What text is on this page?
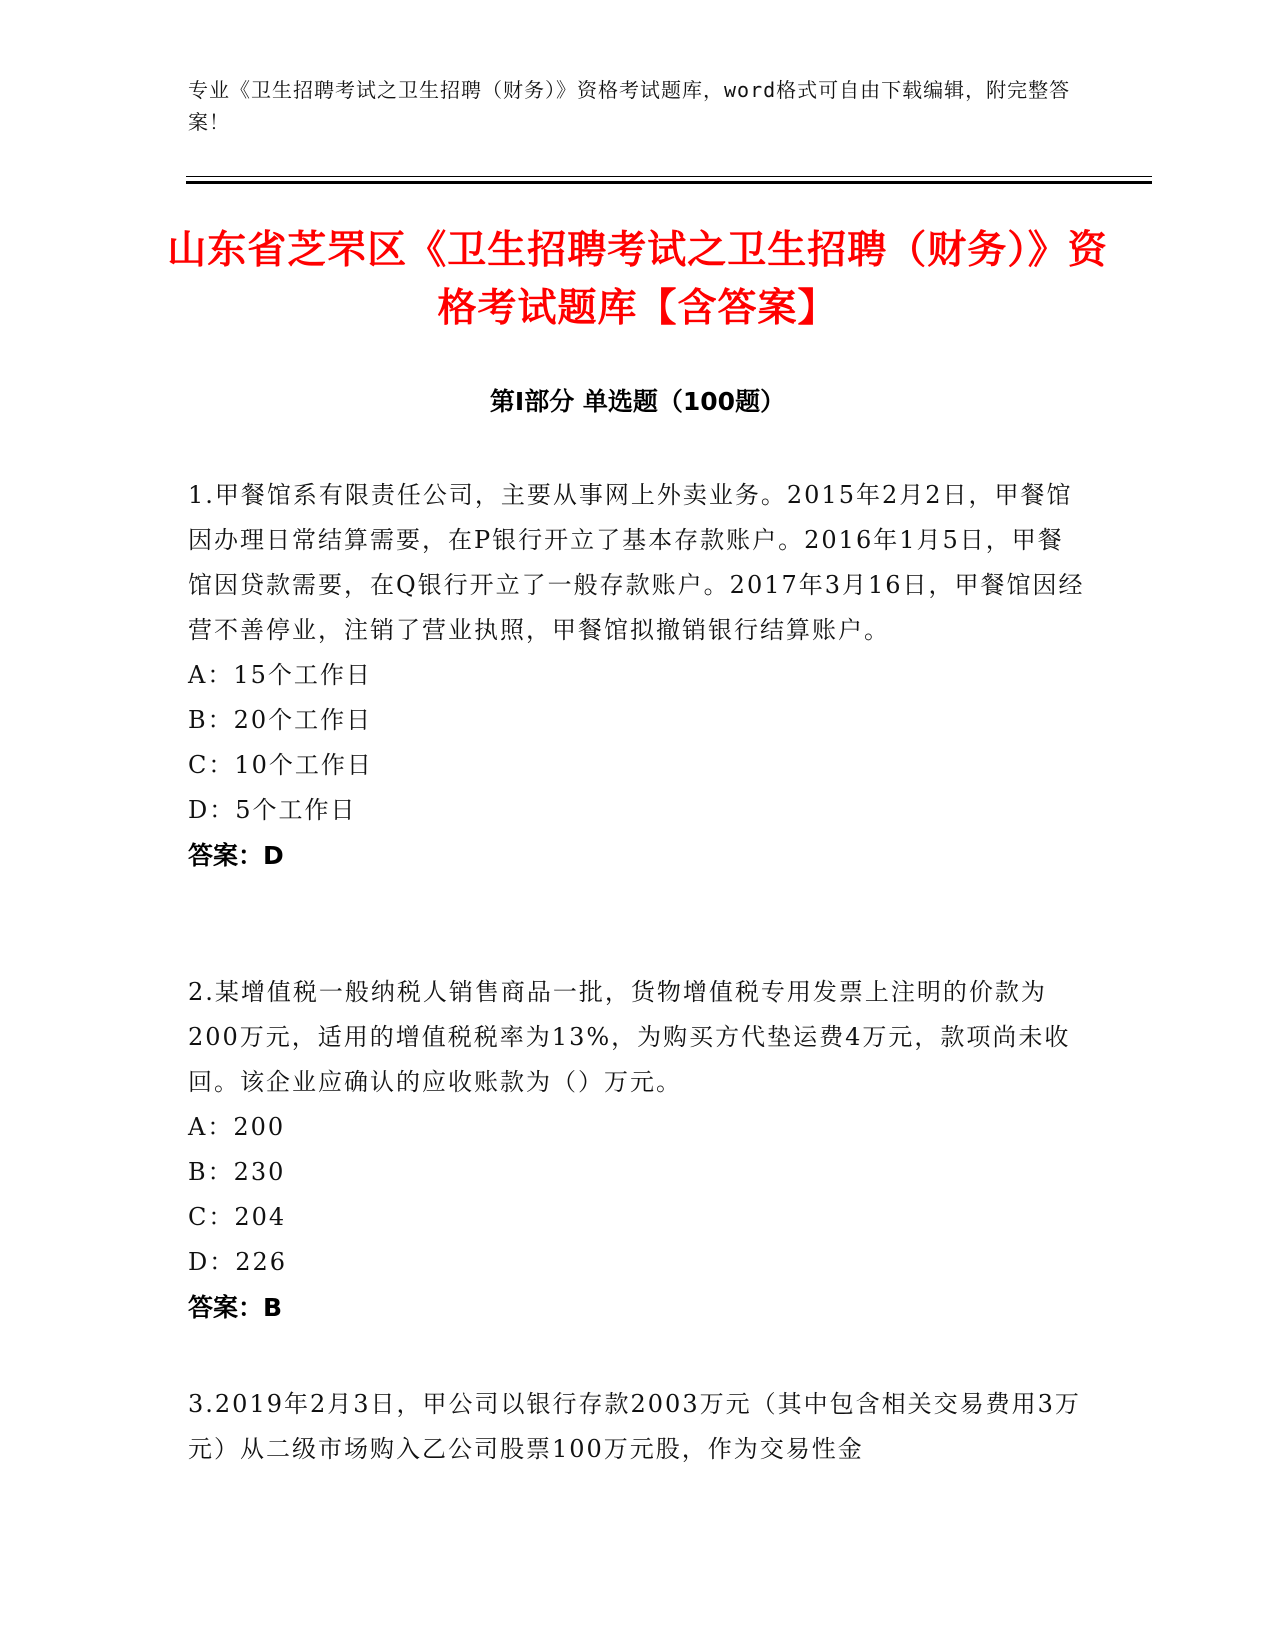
专业《卫生招聘考试之卫生招聘（财务）》资格考试题库，word格式可自由下载编辑，附完整答案！
山东省芝罘区《卫生招聘考试之卫生招聘（财务）》资格考试题库【含答案】
第I部分 单选题（100题）

1.甲餐馆系有限责任公司，主要从事网上外卖业务。2015年2月2日，甲餐馆因办理日常结算需要，在P银行开立了基本存款账户。2016年1月5日，甲餐馆因贷款需要，在Q银行开立了一般存款账户。2017年3月16日，甲餐馆因经营不善停业，注销了营业执照，甲餐馆拟撤销银行结算账户。

A：15个工作日
B：20个工作日
C：10个工作日
D：5个工作日

答案：D

2.某增值税一般纳税人销售商品一批，货物增值税专用发票上注明的价款为200万元，适用的增值税税率为13%，为购买方代垫运费4万元，款项尚未收回。该企业应确认的应收账款为（）万元。

A：200
B：230
C：204
D：226

答案：B

3.2019年2月3日，甲公司以银行存款2003万元（其中包含相关交易费用3万元）从二级市场购入乙公司股票100万元股，作为交易性金
